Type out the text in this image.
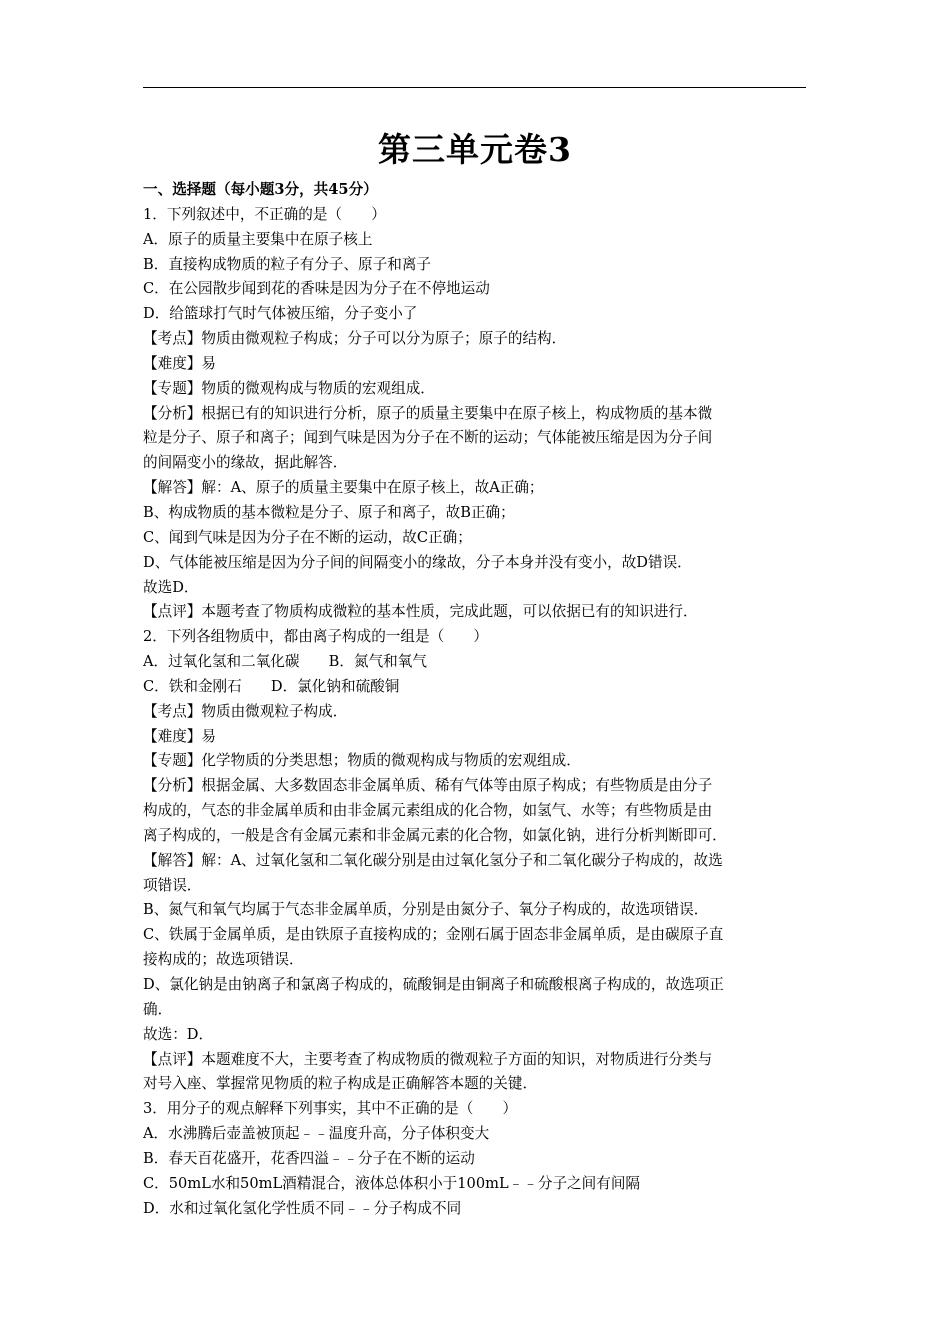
第三单元卷3
一、选择题（每小题3分，共45分）
1．下列叙述中，不正确的是（　　）
A．原子的质量主要集中在原子核上
B．直接构成物质的粒子有分子、原子和离子
C．在公园散步闻到花的香味是因为分子在不停地运动
D．给篮球打气时气体被压缩，分子变小了
【考点】物质由微观粒子构成；分子可以分为原子；原子的结构．
【难度】易
【专题】物质的微观构成与物质的宏观组成．
【分析】根据已有的知识进行分析，原子的质量主要集中在原子核上，构成物质的基本微
粒是分子、原子和离子；闻到气味是因为分子在不断的运动；气体能被压缩是因为分子间
的间隔变小的缘故，据此解答．
【解答】解：A、原子的质量主要集中在原子核上，故A正确；
B、构成物质的基本微粒是分子、原子和离子，故B正确；
C、闻到气味是因为分子在不断的运动，故C正确；
D、气体能被压缩是因为分子间的间隔变小的缘故，分子本身并没有变小，故D错误．
故选D．
【点评】本题考查了物质构成微粒的基本性质，完成此题，可以依据已有的知识进行．
2．下列各组物质中，都由离子构成的一组是（　　）
A．过氧化氢和二氧化碳　　B．氮气和氧气
C．铁和金刚石　　D．氯化钠和硫酸铜
【考点】物质由微观粒子构成．
【难度】易
【专题】化学物质的分类思想；物质的微观构成与物质的宏观组成．
【分析】根据金属、大多数固态非金属单质、稀有气体等由原子构成；有些物质是由分子
构成的，气态的非金属单质和由非金属元素组成的化合物，如氢气、水等；有些物质是由
离子构成的，一般是含有金属元素和非金属元素的化合物，如氯化钠，进行分析判断即可．
【解答】解：A、过氧化氢和二氧化碳分别是由过氧化氢分子和二氧化碳分子构成的，故选
项错误．
B、氮气和氧气均属于气态非金属单质，分别是由氮分子、氧分子构成的，故选项错误．
C、铁属于金属单质，是由铁原子直接构成的；金刚石属于固态非金属单质，是由碳原子直
接构成的；故选项错误．
D、氯化钠是由钠离子和氯离子构成的，硫酸铜是由铜离子和硫酸根离子构成的，故选项正
确．
故选：D．
【点评】本题难度不大，主要考查了构成物质的微观粒子方面的知识，对物质进行分类与
对号入座、掌握常见物质的粒子构成是正确解答本题的关键．
3．用分子的观点解释下列事实，其中不正确的是（　　）
A．水沸腾后壶盖被顶起﹣﹣温度升高，分子体积变大
B．春天百花盛开，花香四溢﹣﹣分子在不断的运动
C．50mL水和50mL酒精混合，液体总体积小于100mL﹣﹣分子之间有间隔
D．水和过氧化氢化学性质不同﹣﹣分子构成不同
